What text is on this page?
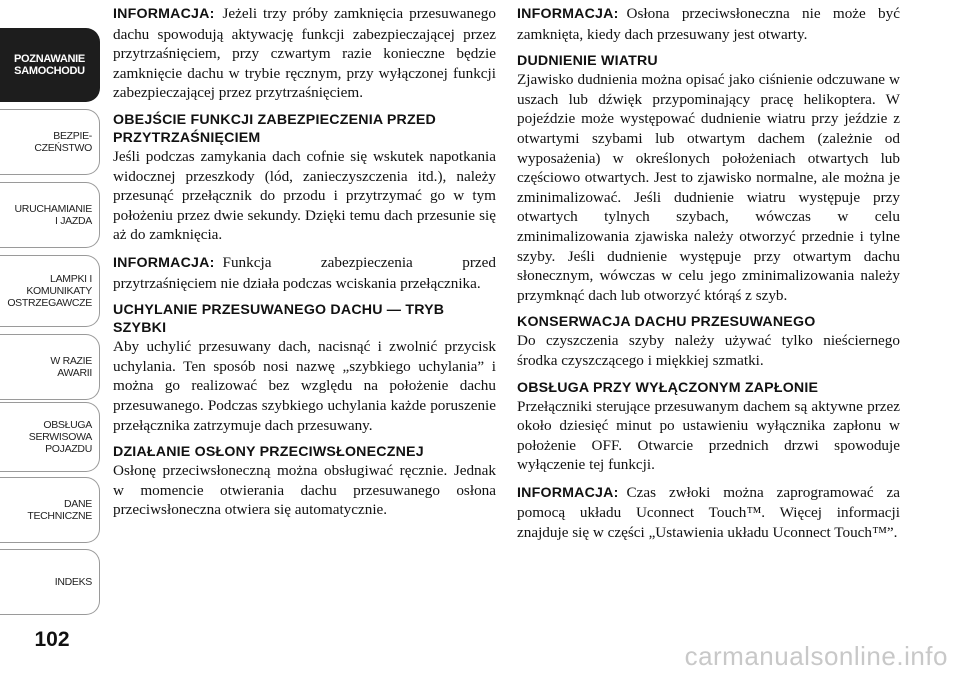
POZNAWANIE
SAMOCHODU
BEZPIE-
CZEŃSTWO
URUCHAMIANIE
I JAZDA
LAMPKI I
KOMUNIKATY
OSTRZEGAWCZE
W RAZIE
AWARII
OBSŁUGA
SERWISOWA
POJAZDU
DANE
TECHNICZNE
INDEKS
102

INFORMACJA: Jeżeli trzy próby zamknięcia przesuwanego dachu spowodują aktywację funkcji zabezpieczającej przez przytrzaśnięciem, przy czwartym razie konieczne będzie zamknięcie dachu w trybie ręcznym, przy wyłączonej funkcji zabezpieczającej przez przytrzaśnięciem.

OBEJŚCIE FUNKCJI ZABEZPIECZENIA PRZED PRZYTRZAŚNIĘCIEM

Jeśli podczas zamykania dach cofnie się wskutek napotkania widocznej przeszkody (lód, zanieczyszczenia itd.), należy przesunąć przełącznik do przodu i przytrzymać go w tym położeniu przez dwie sekundy. Dzięki temu dach przesunie się aż do zamknięcia.

INFORMACJA: Funkcja zabezpieczenia przed przytrzaśnięciem nie działa podczas wciskania przełącznika.

UCHYLANIE PRZESUWANEGO DACHU — TRYB SZYBKI

Aby uchylić przesuwany dach, nacisnąć i zwolnić przycisk uchylania. Ten sposób nosi nazwę „szybkiego uchylania” i można go realizować bez względu na położenie dachu przesuwanego. Podczas szybkiego uchylania każde poruszenie przełącznika zatrzymuje dach przesuwany.

DZIAŁANIE OSŁONY PRZECIWSŁONECZNEJ

Osłonę przeciwsłoneczną można obsługiwać ręcznie. Jednak w momencie otwierania dachu przesuwanego osłona przeciwsłoneczna otwiera się automatycznie.

INFORMACJA: Osłona przeciwsłoneczna nie może być zamknięta, kiedy dach przesuwany jest otwarty.

DUDNIENIE WIATRU

Zjawisko dudnienia można opisać jako ciśnienie odczuwane w uszach lub dźwięk przypominający pracę helikoptera. W pojeździe może występować dudnienie wiatru przy jeździe z otwartymi szybami lub otwartym dachem (zależnie od wyposażenia) w określonych położeniach otwartych lub częściowo otwartych. Jest to zjawisko normalne, ale można je zminimalizować. Jeśli dudnienie wiatru występuje przy otwartych tylnych szybach, wówczas w celu zminimalizowania zjawiska należy otworzyć przednie i tylne szyby. Jeśli dudnienie występuje przy otwartym dachu słonecznym, wówczas w celu jego zminimalizowania należy przymknąć dach lub otworzyć którąś z szyb.

KONSERWACJA DACHU PRZESUWANEGO

Do czyszczenia szyby należy używać tylko nieściernego środka czyszczącego i miękkiej szmatki.

OBSŁUGA PRZY WYŁĄCZONYM ZAPŁONIE

Przełączniki sterujące przesuwanym dachem są aktywne przez około dziesięć minut po ustawieniu wyłącznika zapłonu w położenie OFF. Otwarcie przednich drzwi spowoduje wyłączenie tej funkcji.

INFORMACJA: Czas zwłoki można zaprogramować za pomocą układu Uconnect Touch™. Więcej informacji znajduje się w części „Ustawienia układu Uconnect Touch™”.

carmanualsonline.info
